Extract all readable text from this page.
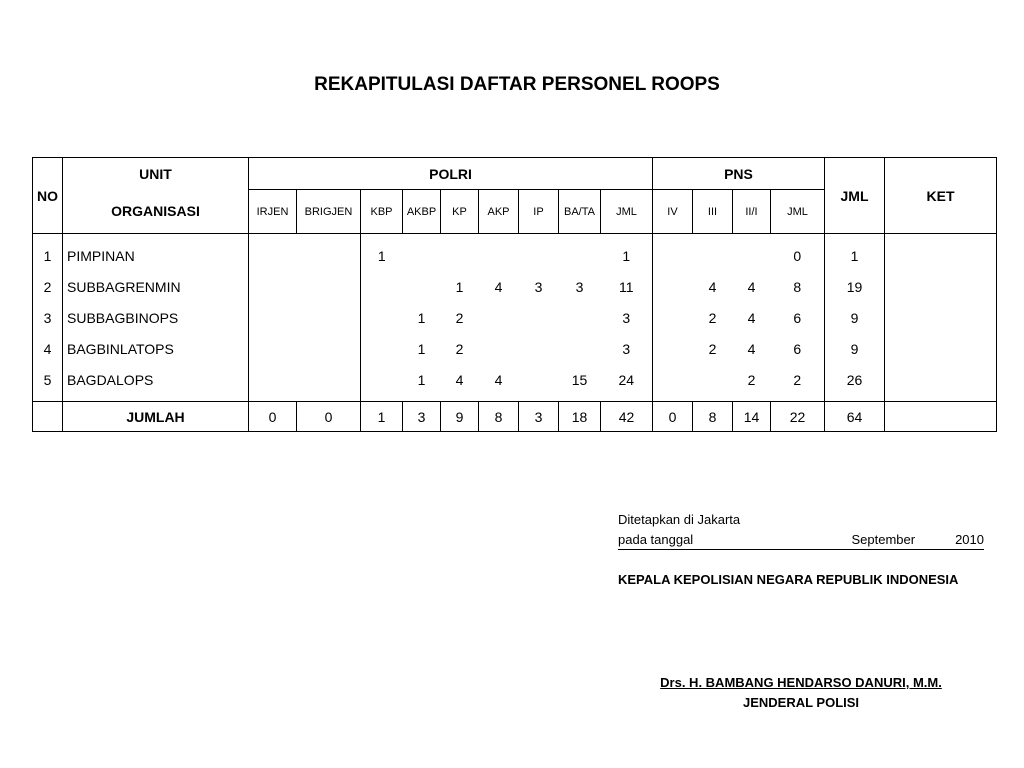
REKAPITULASI DAFTAR PERSONEL ROOPS
NO	UNIT	POLRI									PNS				JML	KET
	ORGANISASI	IRJEN	BRIGJEN	KBP	AKBP	KP	AKP	IP	BA/TA	JML	IV	III	II/I	JML		
1	PIMPINAN			1						1				0	1	
2	SUBBAGRENMIN					1	4	3	3	11		4	4	8	19	
3	SUBBAGBINOPS				1	2				3		2	4	6	9	
4	BAGBINLATOPS				1	2				3		2	4	6	9	
5	BAGDALOPS				1	4	4		15	24			2	2	26	
	JUMLAH	0	0	1	3	9	8	3	18	42	0	8	14	22	64	
Ditetapkan di Jakarta
pada tanggal	September	2010
KEPALA KEPOLISIAN NEGARA REPUBLIK INDONESIA
Drs. H. BAMBANG HENDARSO DANURI, M.M.
JENDERAL POLISI
